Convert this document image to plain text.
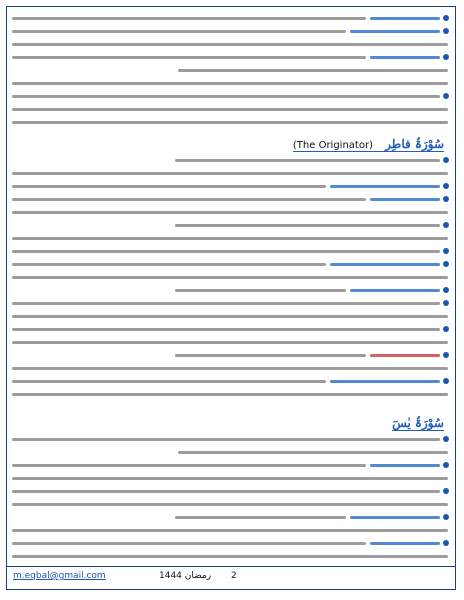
سُوْرَۃُ فاطِر (The Originator)
سُوْرَۃُ یٰسٓ
m.eqbal@gmail.com	رمضان 1444 2
